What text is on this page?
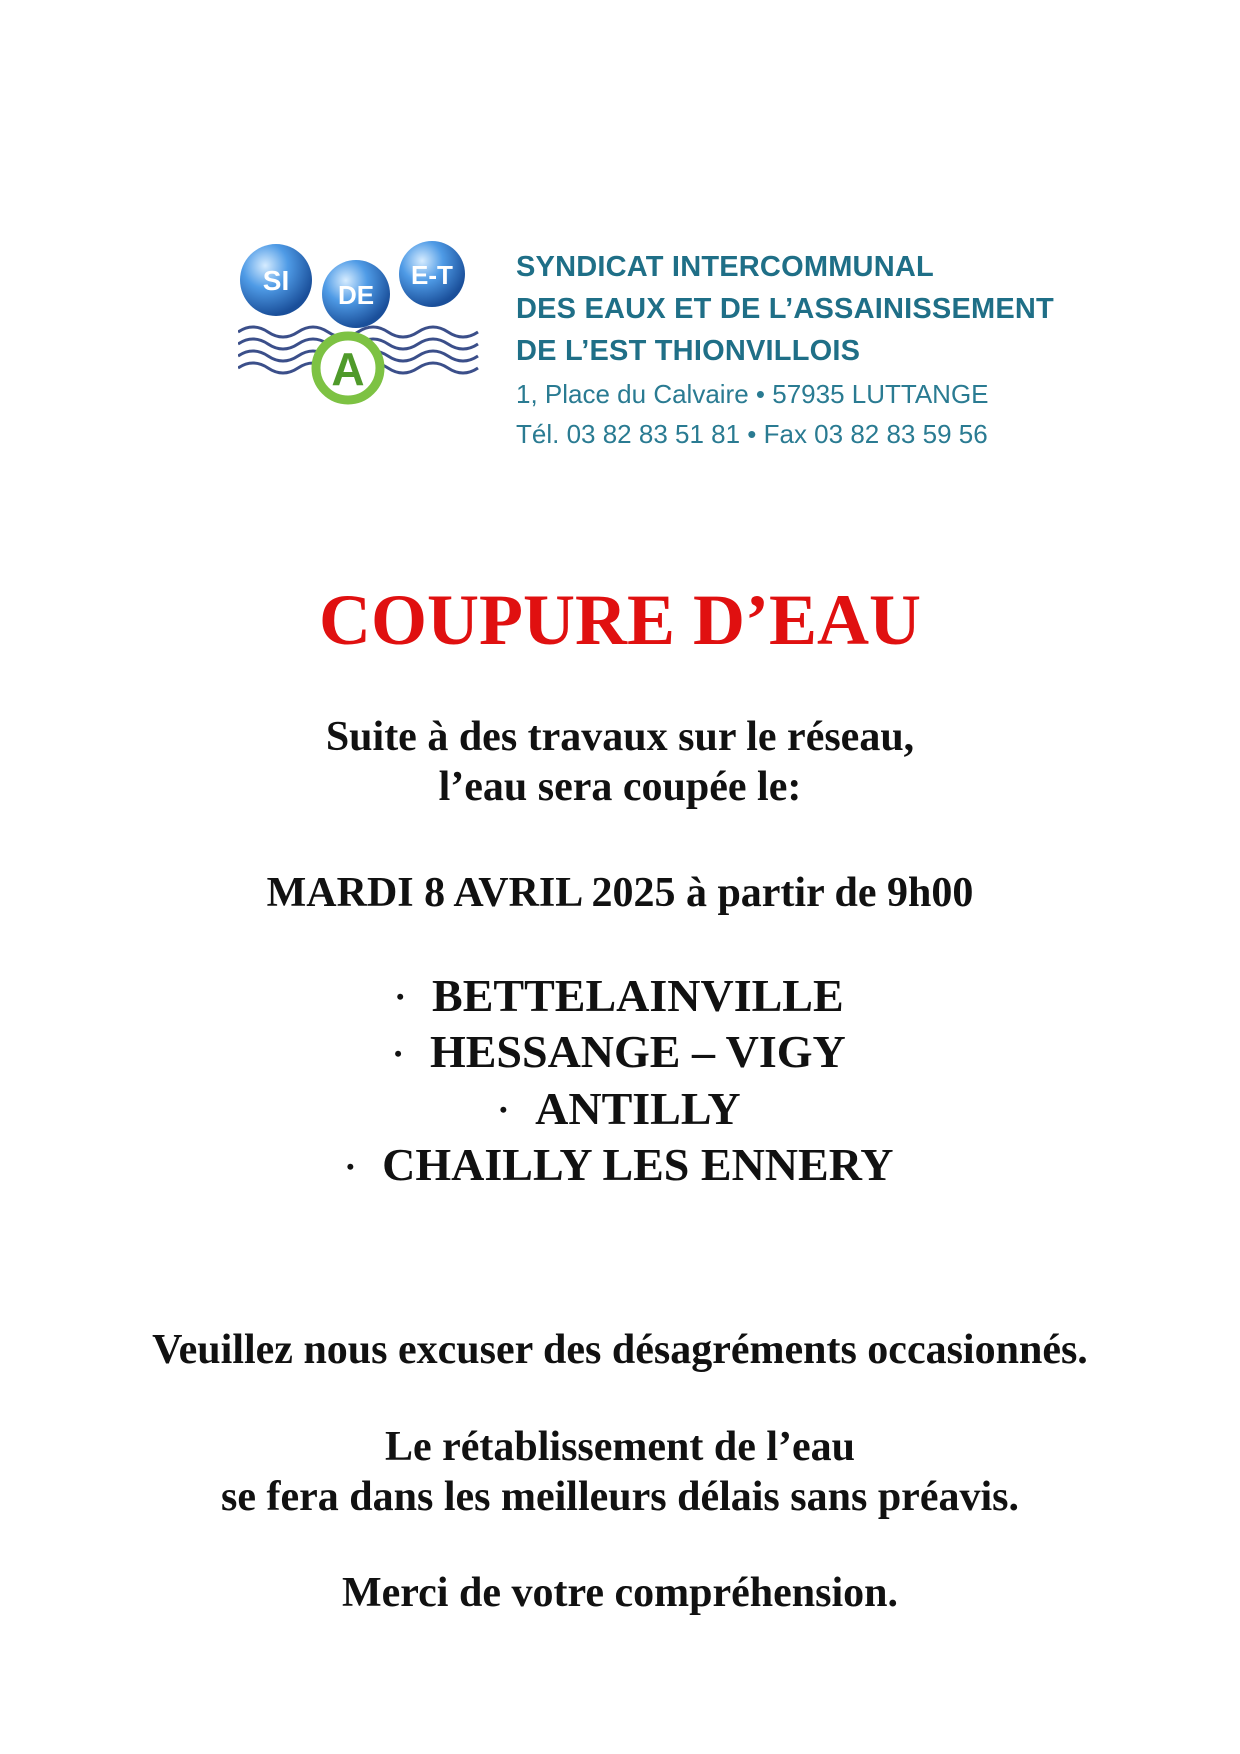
SI DE
E-T
A
SYNDICAT INTERCOMMUNAL
DES EAUX ET DE L’ASSAINISSEMENT
DE L’EST THIONVILLOIS
1, Place du Calvaire • 57935 LUTTANGE
Tél. 03 82 83 51 81 • Fax 03 82 83 59 56
COUPURE D’EAU
Suite à des travaux sur le réseau,
l’eau sera coupée le:
MARDI 8 AVRIL 2025 à partir de 9h00
• BETTELAINVILLE
• HESSANGE – VIGY
• ANTILLY
• CHAILLY LES ENNERY
Veuillez nous excuser des désagréments occasionnés.
Le rétablissement de l’eau
se fera dans les meilleurs délais sans préavis.
Merci de votre compréhension.
